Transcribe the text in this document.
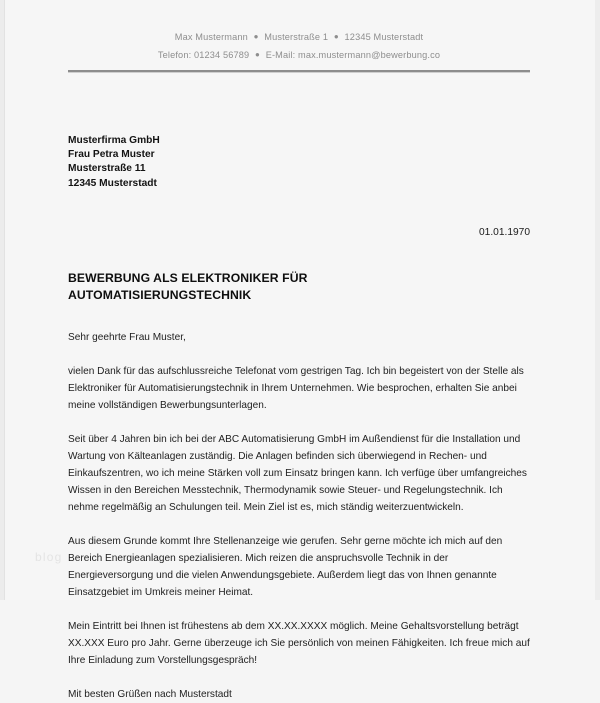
Max Mustermann ● Musterstraße 1 ● 12345 Musterstadt
Telefon: 01234 56789 ● E-Mail: max.mustermann@bewerbung.co
Musterfirma GmbH
Frau Petra Muster
Musterstraße 11
12345 Musterstadt
01.01.1970
BEWERBUNG ALS ELEKTRONIKER FÜR
AUTOMATISIERUNGSTECHNIK

Sehr geehrte Frau Muster,

vielen Dank für das aufschlussreiche Telefonat vom gestrigen Tag. Ich bin begeistert von der Stelle als Elektroniker für Automatisierungstechnik in Ihrem Unternehmen. Wie besprochen, erhalten Sie anbei meine vollständigen Bewerbungsunterlagen.

Seit über 4 Jahren bin ich bei der ABC Automatisierung GmbH im Außendienst für die Installation und Wartung von Kälteanlagen zuständig. Die Anlagen befinden sich überwiegend in Rechen- und Einkaufszentren, wo ich meine Stärken voll zum Einsatz bringen kann. Ich verfüge über umfangreiches Wissen in den Bereichen Messtechnik, Thermodynamik sowie Steuer- und Regelungstechnik. Ich nehme regelmäßig an Schulungen teil. Mein Ziel ist es, mich ständig weiterzuentwickeln.

Aus diesem Grunde kommt Ihre Stellenanzeige wie gerufen. Sehr gerne möchte ich mich auf den Bereich Energieanlagen spezialisieren. Mich reizen die anspruchsvolle Technik in der Energieversorgung und die vielen Anwendungsgebiete. Außerdem liegt das von Ihnen genannte Einsatzgebiet im Umkreis meiner Heimat.

Mein Eintritt bei Ihnen ist frühestens ab dem XX.XX.XXXX möglich. Meine Gehaltsvorstellung beträgt XX.XXX Euro pro Jahr. Gerne überzeuge ich Sie persönlich von meinen Fähigkeiten. Ich freue mich auf Ihre Einladung zum Vorstellungsgespräch!

Mit besten Grüßen nach Musterstadt

blog
